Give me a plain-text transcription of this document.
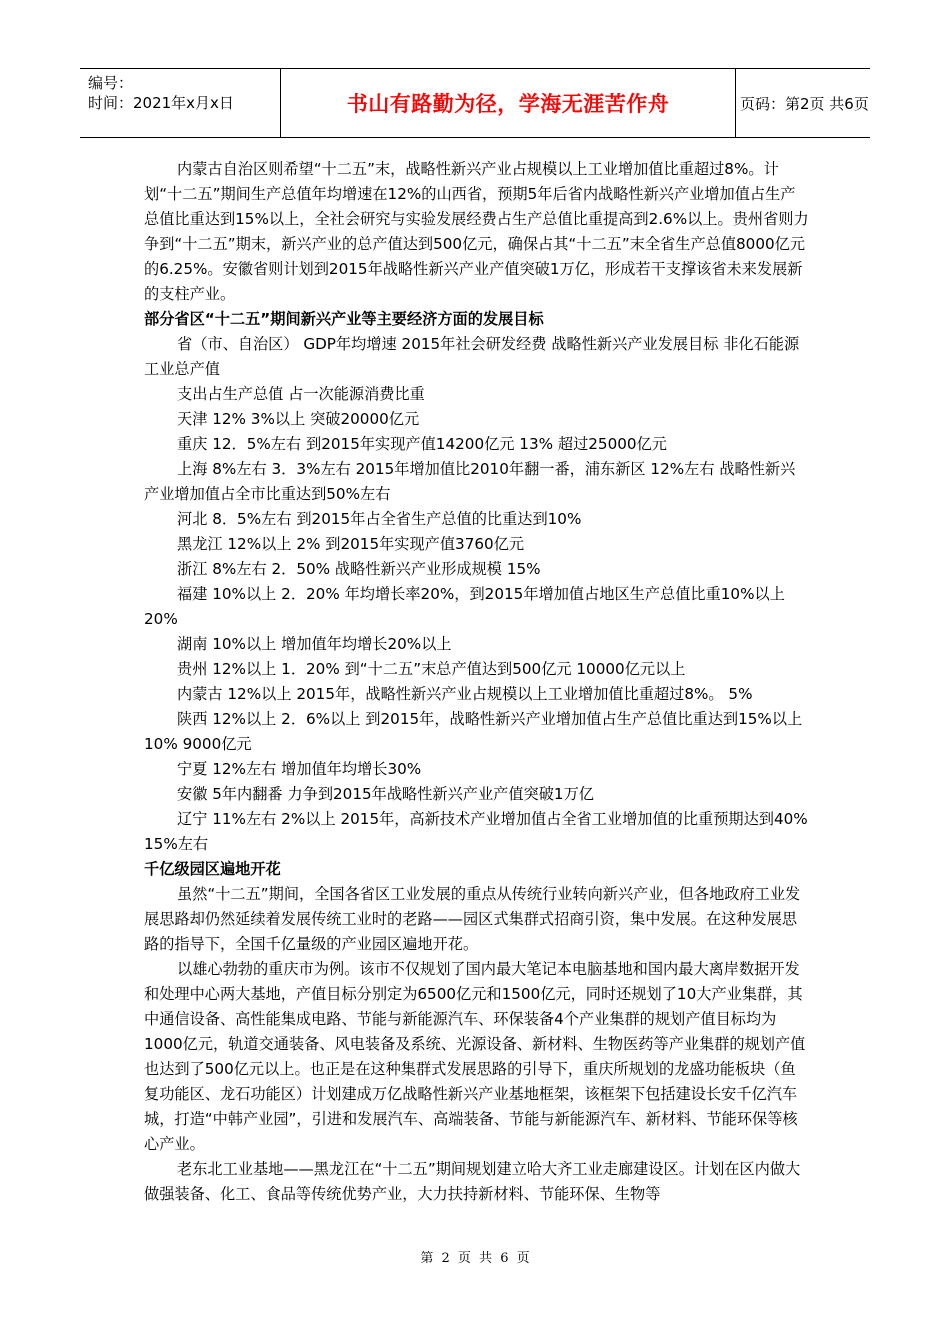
编号：
时间：2021年x月x日	书山有路勤为径，学海无涯苦作舟	页码：第2页 共6页

内蒙古自治区则希望“十二五”末，战略性新兴产业占规模以上工业增加值比重超过8%。计划“十二五”期间生产总值年均增速在12%的山西省，预期5年后省内战略性新兴产业增加值占生产总值比重达到15%以上，全社会研究与实验发展经费占生产总值比重提高到2.6%以上。贵州省则力争到“十二五”期末，新兴产业的总产值达到500亿元，确保占其“十二五”末全省生产总值8000亿元的6.25%。安徽省则计划到2015年战略性新兴产业产值突破1万亿，形成若干支撑该省未来发展新的支柱产业。

部分省区“十二五”期间新兴产业等主要经济方面的发展目标

省（市、自治区） GDP年均增速 2015年社会研发经费 战略性新兴产业发展目标 非化石能源 工业总产值

支出占生产总值 占一次能源消费比重

天津 12% 3%以上 突破20000亿元

重庆 12．5%左右 到2015年实现产值14200亿元 13% 超过25000亿元

上海 8%左右 3．3%左右 2015年增加值比2010年翻一番，浦东新区 12%左右 战略性新兴产业增加值占全市比重达到50%左右

河北 8．5%左右 到2015年占全省生产总值的比重达到10%

黑龙江 12%以上 2% 到2015年实现产值3760亿元

浙江 8%左右 2．50% 战略性新兴产业形成规模 15%

福建 10%以上 2．20% 年均增长率20%，到2015年增加值占地区生产总值比重10%以上 20%

湖南 10%以上 增加值年均增长20%以上

贵州 12%以上 1．20% 到“十二五”末总产值达到500亿元 10000亿元以上

内蒙古 12%以上 2015年，战略性新兴产业占规模以上工业增加值比重超过8%。 5%

陕西 12%以上 2．6%以上 到2015年，战略性新兴产业增加值占生产总值比重达到15%以上 10% 9000亿元

宁夏 12%左右 增加值年均增长30%

安徽 5年内翻番 力争到2015年战略性新兴产业产值突破1万亿

辽宁 11%左右 2%以上 2015年，高新技术产业增加值占全省工业增加值的比重预期达到40% 15%左右

千亿级园区遍地开花

虽然“十二五”期间，全国各省区工业发展的重点从传统行业转向新兴产业，但各地政府工业发展思路却仍然延续着发展传统工业时的老路——园区式集群式招商引资，集中发展。在这种发展思路的指导下，全国千亿量级的产业园区遍地开花。

以雄心勃勃的重庆市为例。该市不仅规划了国内最大笔记本电脑基地和国内最大离岸数据开发和处理中心两大基地，产值目标分别定为6500亿元和1500亿元，同时还规划了10大产业集群，其中通信设备、高性能集成电路、节能与新能源汽车、环保装备4个产业集群的规划产值目标均为1000亿元，轨道交通装备、风电装备及系统、光源设备、新材料、生物医药等产业集群的规划产值也达到了500亿元以上。也正是在这种集群式发展思路的引导下，重庆所规划的龙盛功能板块（鱼复功能区、龙石功能区）计划建成万亿战略性新兴产业基地框架，该框架下包括建设长安千亿汽车城，打造“中韩产业园”，引进和发展汽车、高端装备、节能与新能源汽车、新材料、节能环保等核心产业。

老东北工业基地——黑龙江在“十二五”期间规划建立哈大齐工业走廊建设区。计划在区内做大做强装备、化工、食品等传统优势产业，大力扶持新材料、节能环保、生物等

第 2 页 共 6 页
